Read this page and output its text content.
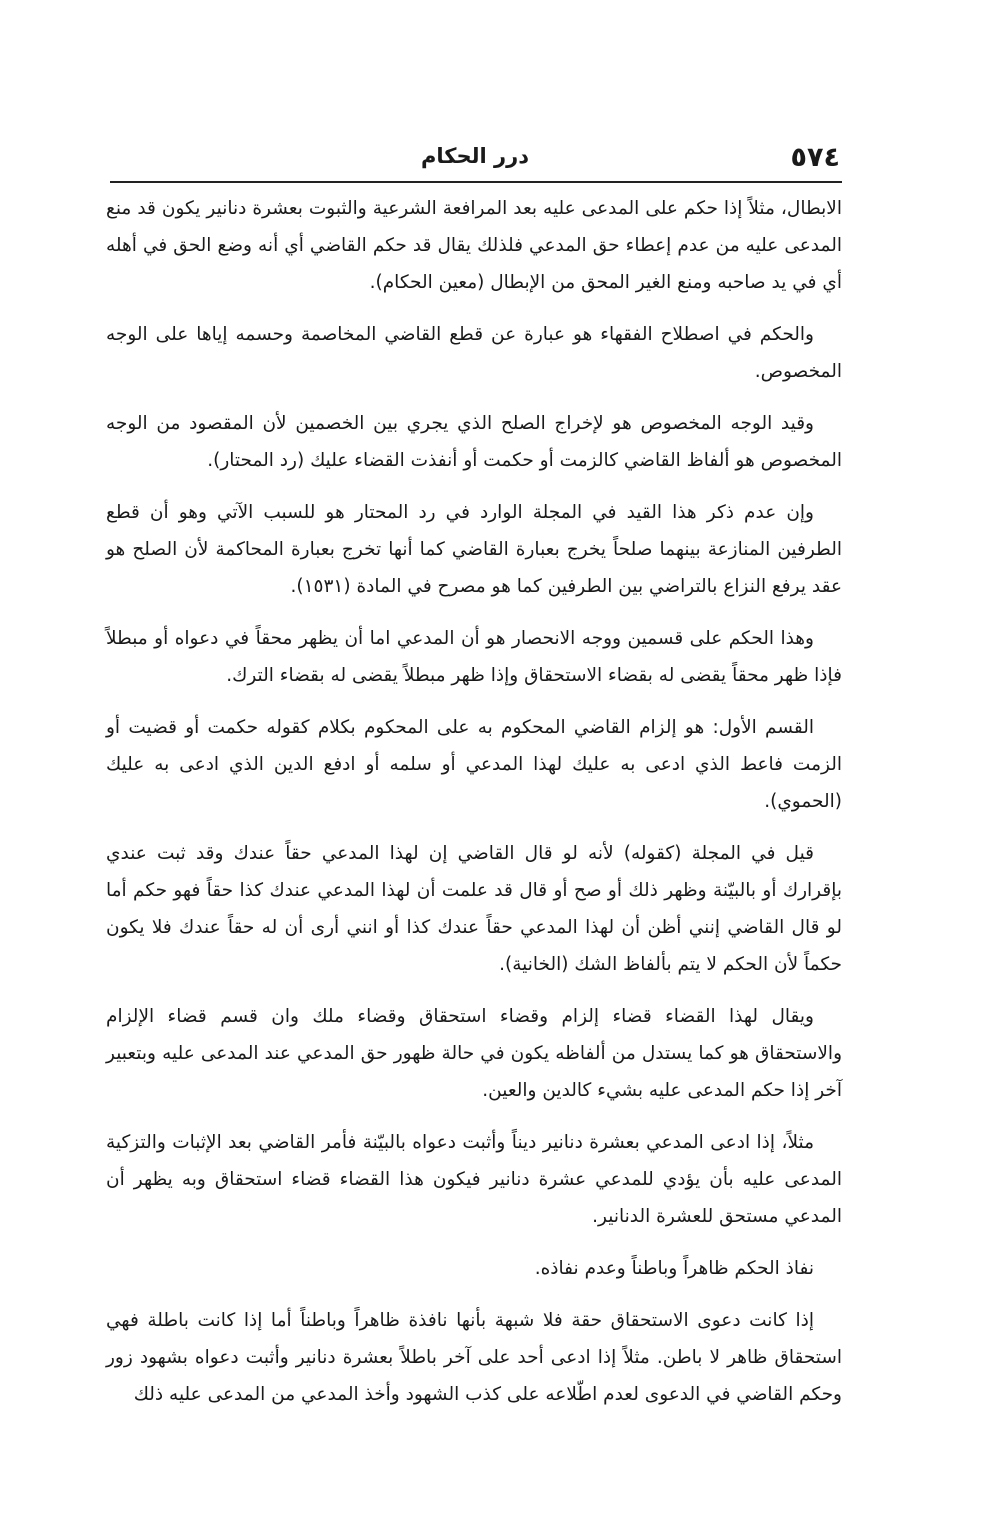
٥٧٤
درر الحكام

الابطال، مثلاً إذا حكم على المدعى عليه بعد المرافعة الشرعية والثبوت بعشرة دنانير يكون قد منع المدعى عليه من عدم إعطاء حق المدعي فلذلك يقال قد حكم القاضي أي أنه وضع الحق في أهله أي في يد صاحبه ومنع الغير المحق من الإبطال (معين الحكام).

والحكم في اصطلاح الفقهاء هو عبارة عن قطع القاضي المخاصمة وحسمه إياها على الوجه المخصوص.

وقيد الوجه المخصوص هو لإخراج الصلح الذي يجري بين الخصمين لأن المقصود من الوجه المخصوص هو ألفاظ القاضي كالزمت أو حكمت أو أنفذت القضاء عليك (رد المحتار).

وإن عدم ذكر هذا القيد في المجلة الوارد في رد المحتار هو للسبب الآتي وهو أن قطع الطرفين المنازعة بينهما صلحاً يخرج بعبارة القاضي كما أنها تخرج بعبارة المحاكمة لأن الصلح هو عقد يرفع النزاع بالتراضي بين الطرفين كما هو مصرح في المادة (١٥٣١).

وهذا الحكم على قسمين ووجه الانحصار هو أن المدعي اما أن يظهر محقاً في دعواه أو مبطلاً فإذا ظهر محقاً يقضى له بقضاء الاستحقاق وإذا ظهر مبطلاً يقضى له بقضاء الترك.

القسم الأول: هو إلزام القاضي المحكوم به على المحكوم بكلام كقوله حكمت أو قضيت أو الزمت فاعط الذي ادعى به عليك لهذا المدعي أو سلمه أو ادفع الدين الذي ادعى به عليك (الحموي).

قيل في المجلة (كقوله) لأنه لو قال القاضي إن لهذا المدعي حقاً عندك وقد ثبت عندي بإقرارك أو بالبيّنة وظهر ذلك أو صح أو قال قد علمت أن لهذا المدعي عندك كذا حقاً فهو حكم أما لو قال القاضي إنني أظن أن لهذا المدعي حقاً عندك كذا أو انني أرى أن له حقاً عندك فلا يكون حكماً لأن الحكم لا يتم بألفاظ الشك (الخانية).

ويقال لهذا القضاء قضاء إلزام وقضاء استحقاق وقضاء ملك وان قسم قضاء الإلزام والاستحقاق هو كما يستدل من ألفاظه يكون في حالة ظهور حق المدعي عند المدعى عليه وبتعبير آخر إذا حكم المدعى عليه بشيء كالدين والعين.

مثلاً، إذا ادعى المدعي بعشرة دنانير ديناً وأثبت دعواه بالبيّنة فأمر القاضي بعد الإثبات والتزكية المدعى عليه بأن يؤدي للمدعي عشرة دنانير فيكون هذا القضاء قضاء استحقاق وبه يظهر أن المدعي مستحق للعشرة الدنانير.

نفاذ الحكم ظاهراً وباطناً وعدم نفاذه.

إذا كانت دعوى الاستحقاق حقة فلا شبهة بأنها نافذة ظاهراً وباطناً أما إذا كانت باطلة فهي استحقاق ظاهر لا باطن. مثلاً إذا ادعى أحد على آخر باطلاً بعشرة دنانير وأثبت دعواه بشهود زور وحكم القاضي في الدعوى لعدم اطّلاعه على كذب الشهود وأخذ المدعي من المدعى عليه ذلك
